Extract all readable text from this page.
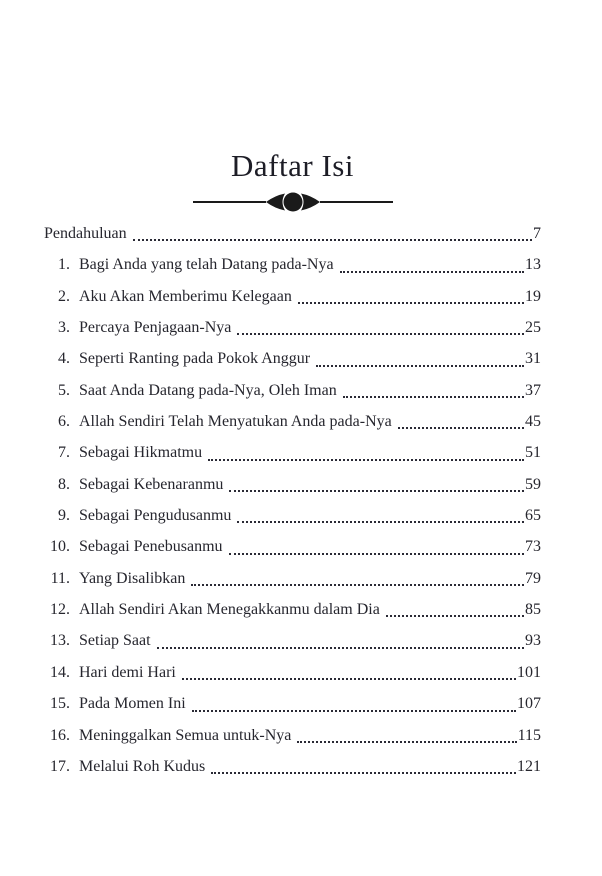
Daftar Isi
Pendahuluan	7
1. Bagi Anda yang telah Datang pada-Nya	13
2. Aku Akan Memberimu Kelegaan	19
3. Percaya Penjagaan-Nya	25
4. Seperti Ranting pada Pokok Anggur	31
5. Saat Anda Datang pada-Nya, Oleh Iman	37
6. Allah Sendiri Telah Menyatukan Anda pada-Nya	45
7. Sebagai Hikmatmu	51
8. Sebagai Kebenaranmu	59
9. Sebagai Pengudusanmu	65
10. Sebagai Penebusanmu	73
11. Yang Disalibkan	79
12. Allah Sendiri Akan Menegakkanmu dalam Dia	85
13. Setiap Saat	93
14. Hari demi Hari	101
15. Pada Momen Ini	107
16. Meninggalkan Semua untuk-Nya	115
17. Melalui Roh Kudus	121
